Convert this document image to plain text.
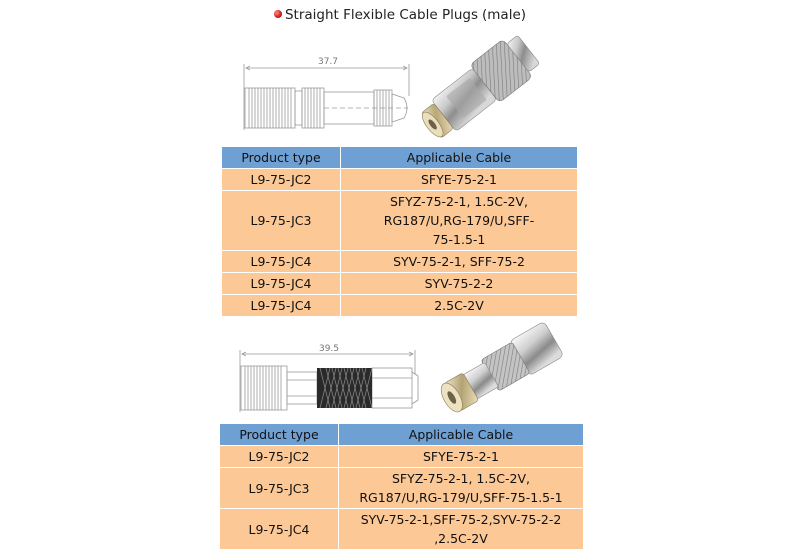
Straight Flexible Cable Plugs (male)
37.7
Product type	Applicable Cable
L9-75-JC2	SFYE-75-2-1
L9-75-JC3	SFYZ-75-2-1, 1.5C-2V,
RG187/U,RG-179/U,SFF-
75-1.5-1
L9-75-JC4	SYV-75-2-1, SFF-75-2
L9-75-JC4	SYV-75-2-2
L9-75-JC4	2.5C-2V
39.5
Product type	Applicable Cable
L9-75-JC2	SFYE-75-2-1
L9-75-JC3	SFYZ-75-2-1, 1.5C-2V,
RG187/U,RG-179/U,SFF-75-1.5-1
L9-75-JC4	SYV-75-2-1,SFF-75-2,SYV-75-2-2
,2.5C-2V
